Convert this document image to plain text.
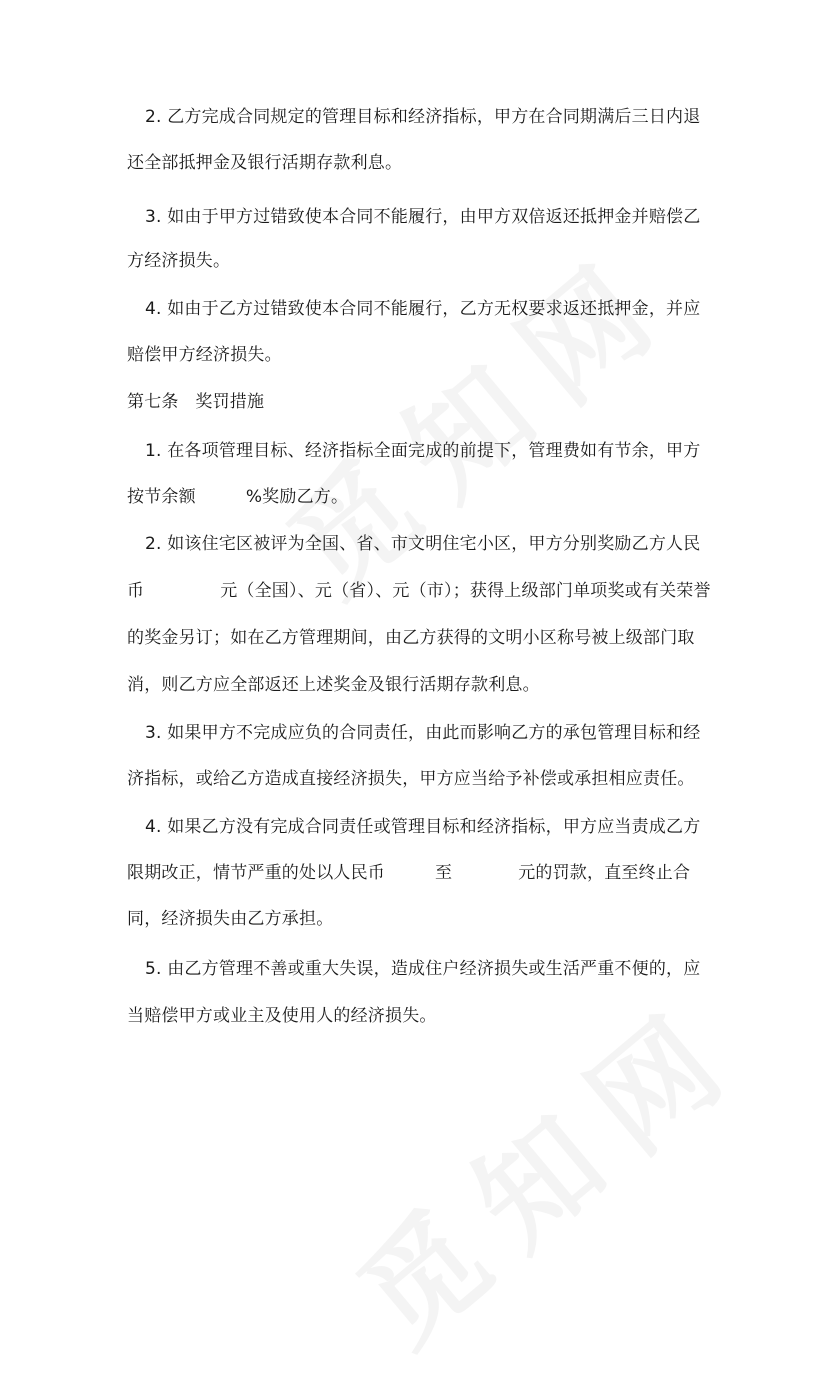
2. 乙方完成合同规定的管理目标和经济指标，甲方在合同期满后三日内退
还全部抵押金及银行活期存款利息。
3. 如由于甲方过错致使本合同不能履行，由甲方双倍返还抵押金并赔偿乙
方经济损失。
4. 如由于乙方过错致使本合同不能履行，乙方无权要求返还抵押金，并应
赔偿甲方经济损失。
第七条   奖罚措施
1. 在各项管理目标、经济指标全面完成的前提下，管理费如有节余，甲方
按节余额	%奖励乙方。
2. 如该住宅区被评为全国、省、市文明住宅小区，甲方分别奖励乙方人民
币	元（全国）、元（省）、元（市）；获得上级部门单项奖或有关荣誉
的奖金另订；如在乙方管理期间，由乙方获得的文明小区称号被上级部门取
消，则乙方应全部返还上述奖金及银行活期存款利息。
3. 如果甲方不完成应负的合同责任，由此而影响乙方的承包管理目标和经
济指标，或给乙方造成直接经济损失，甲方应当给予补偿或承担相应责任。
4. 如果乙方没有完成合同责任或管理目标和经济指标，甲方应当责成乙方
限期改正，情节严重的处以人民币	至	元的罚款，直至终止合
同，经济损失由乙方承担。
5. 由乙方管理不善或重大失误，造成住户经济损失或生活严重不便的，应
当赔偿甲方或业主及使用人的经济损失。
